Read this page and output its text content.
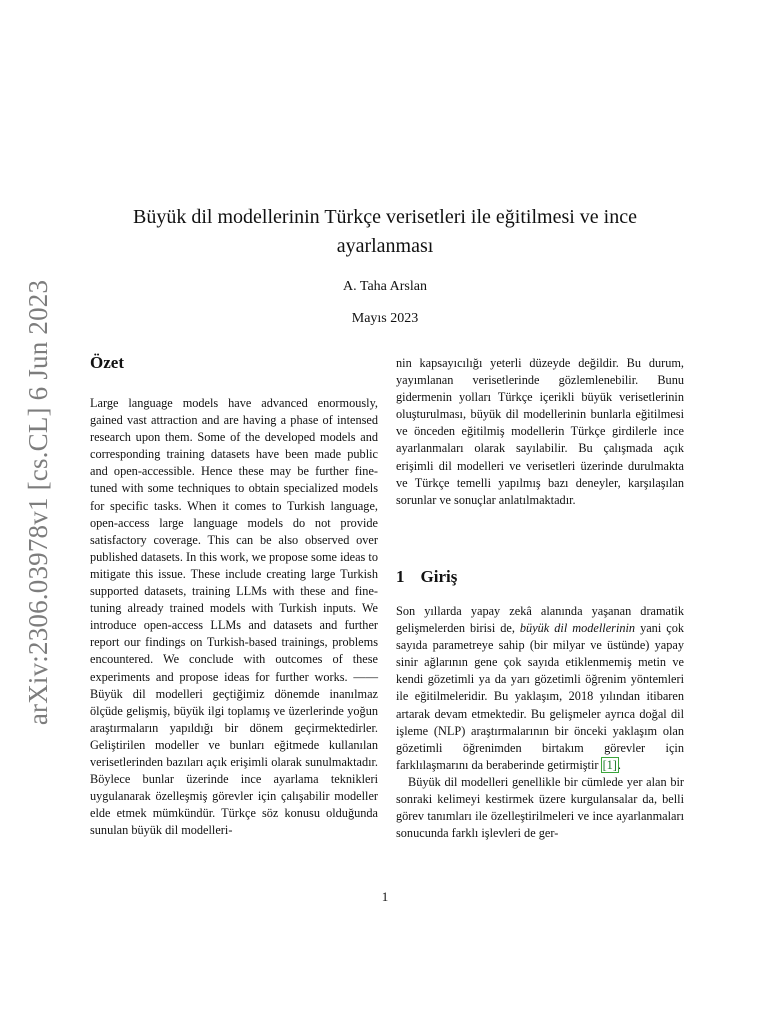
arXiv:2306.03978v1 [cs.CL] 6 Jun 2023
Büyük dil modellerinin Türkçe verisetleri ile eğitilmesi ve ince ayarlanması
A. Taha Arslan
Mayıs 2023
Özet

Large language models have advanced enormously, gained vast attraction and are having a phase of intensed research upon them. Some of the developed models and corresponding training datasets have been made public and open-accessible. Hence these may be further fine-tuned with some techniques to obtain specialized models for specific tasks. When it comes to Turkish language, open-access large language models do not provide satisfactory coverage. This can be also observed over published datasets. In this work, we propose some ideas to mitigate this issue. These include creating large Turkish supported datasets, training LLMs with these and fine-tuning already trained models with Turkish inputs. We introduce open-access LLMs and datasets and further report our findings on Turkish-based trainings, problems encountered. We conclude with outcomes of these experiments and propose ideas for further works. —— Büyük dil modelleri geçtiğimiz dönemde inanılmaz ölçüde gelişmiş, büyük ilgi toplamış ve üzerlerinde yoğun araştırmaların yapıldığı bir dönem geçirmektedirler. Geliştirilen modeller ve bunları eğitmede kullanılan verisetlerinden bazıları açık erişimli olarak sunulmaktadır. Böylece bunlar üzerinde ince ayarlama teknikleri uygulanarak özelleşmiş görevler için çalışabilir modeller elde etmek mümkündür. Türkçe söz konusu olduğunda sunulan büyük dil modelleri-

nin kapsayıcılığı yeterli düzeyde değildir. Bu durum, yayımlanan verisetlerinde gözlemlenebilir. Bunu gidermenin yolları Türkçe içerikli büyük verisetlerinin oluşturulması, büyük dil modellerinin bunlarla eğitilmesi ve önceden eğitilmiş modellerin Türkçe girdilerle ince ayarlanmaları olarak sayılabilir. Bu çalışmada açık erişimli dil modelleri ve verisetleri üzerinde durulmakta ve Türkçe temelli yapılmış bazı deneyler, karşılaşılan sorunlar ve sonuçlar anlatılmaktadır.

1 Giriş

Son yıllarda yapay zekâ alanında yaşanan dramatik gelişmelerden birisi de, büyük dil modellerinin yani çok sayıda parametreye sahip (bir milyar ve üstünde) yapay sinir ağlarının gene çok sayıda etiklenmemiş metin ve kendi gözetimli ya da yarı gözetimli öğrenim yöntemleri ile eğitilmeleridir. Bu yaklaşım, 2018 yılından itibaren artarak devam etmektedir. Bu gelişmeler ayrıca doğal dil işleme (NLP) araştırmalarının bir önceki yaklaşım olan gözetimli öğrenimden birtakım görevler için farklılaşmarını da beraberinde getirmiştir [1].

Büyük dil modelleri genellikle bir cümlede yer alan bir sonraki kelimeyi kestirmek üzere kurgulansalar da, belli görev tanımları ile özelleştirilmeleri ve ince ayarlanmaları sonucunda farklı işlevleri de ger-

1
